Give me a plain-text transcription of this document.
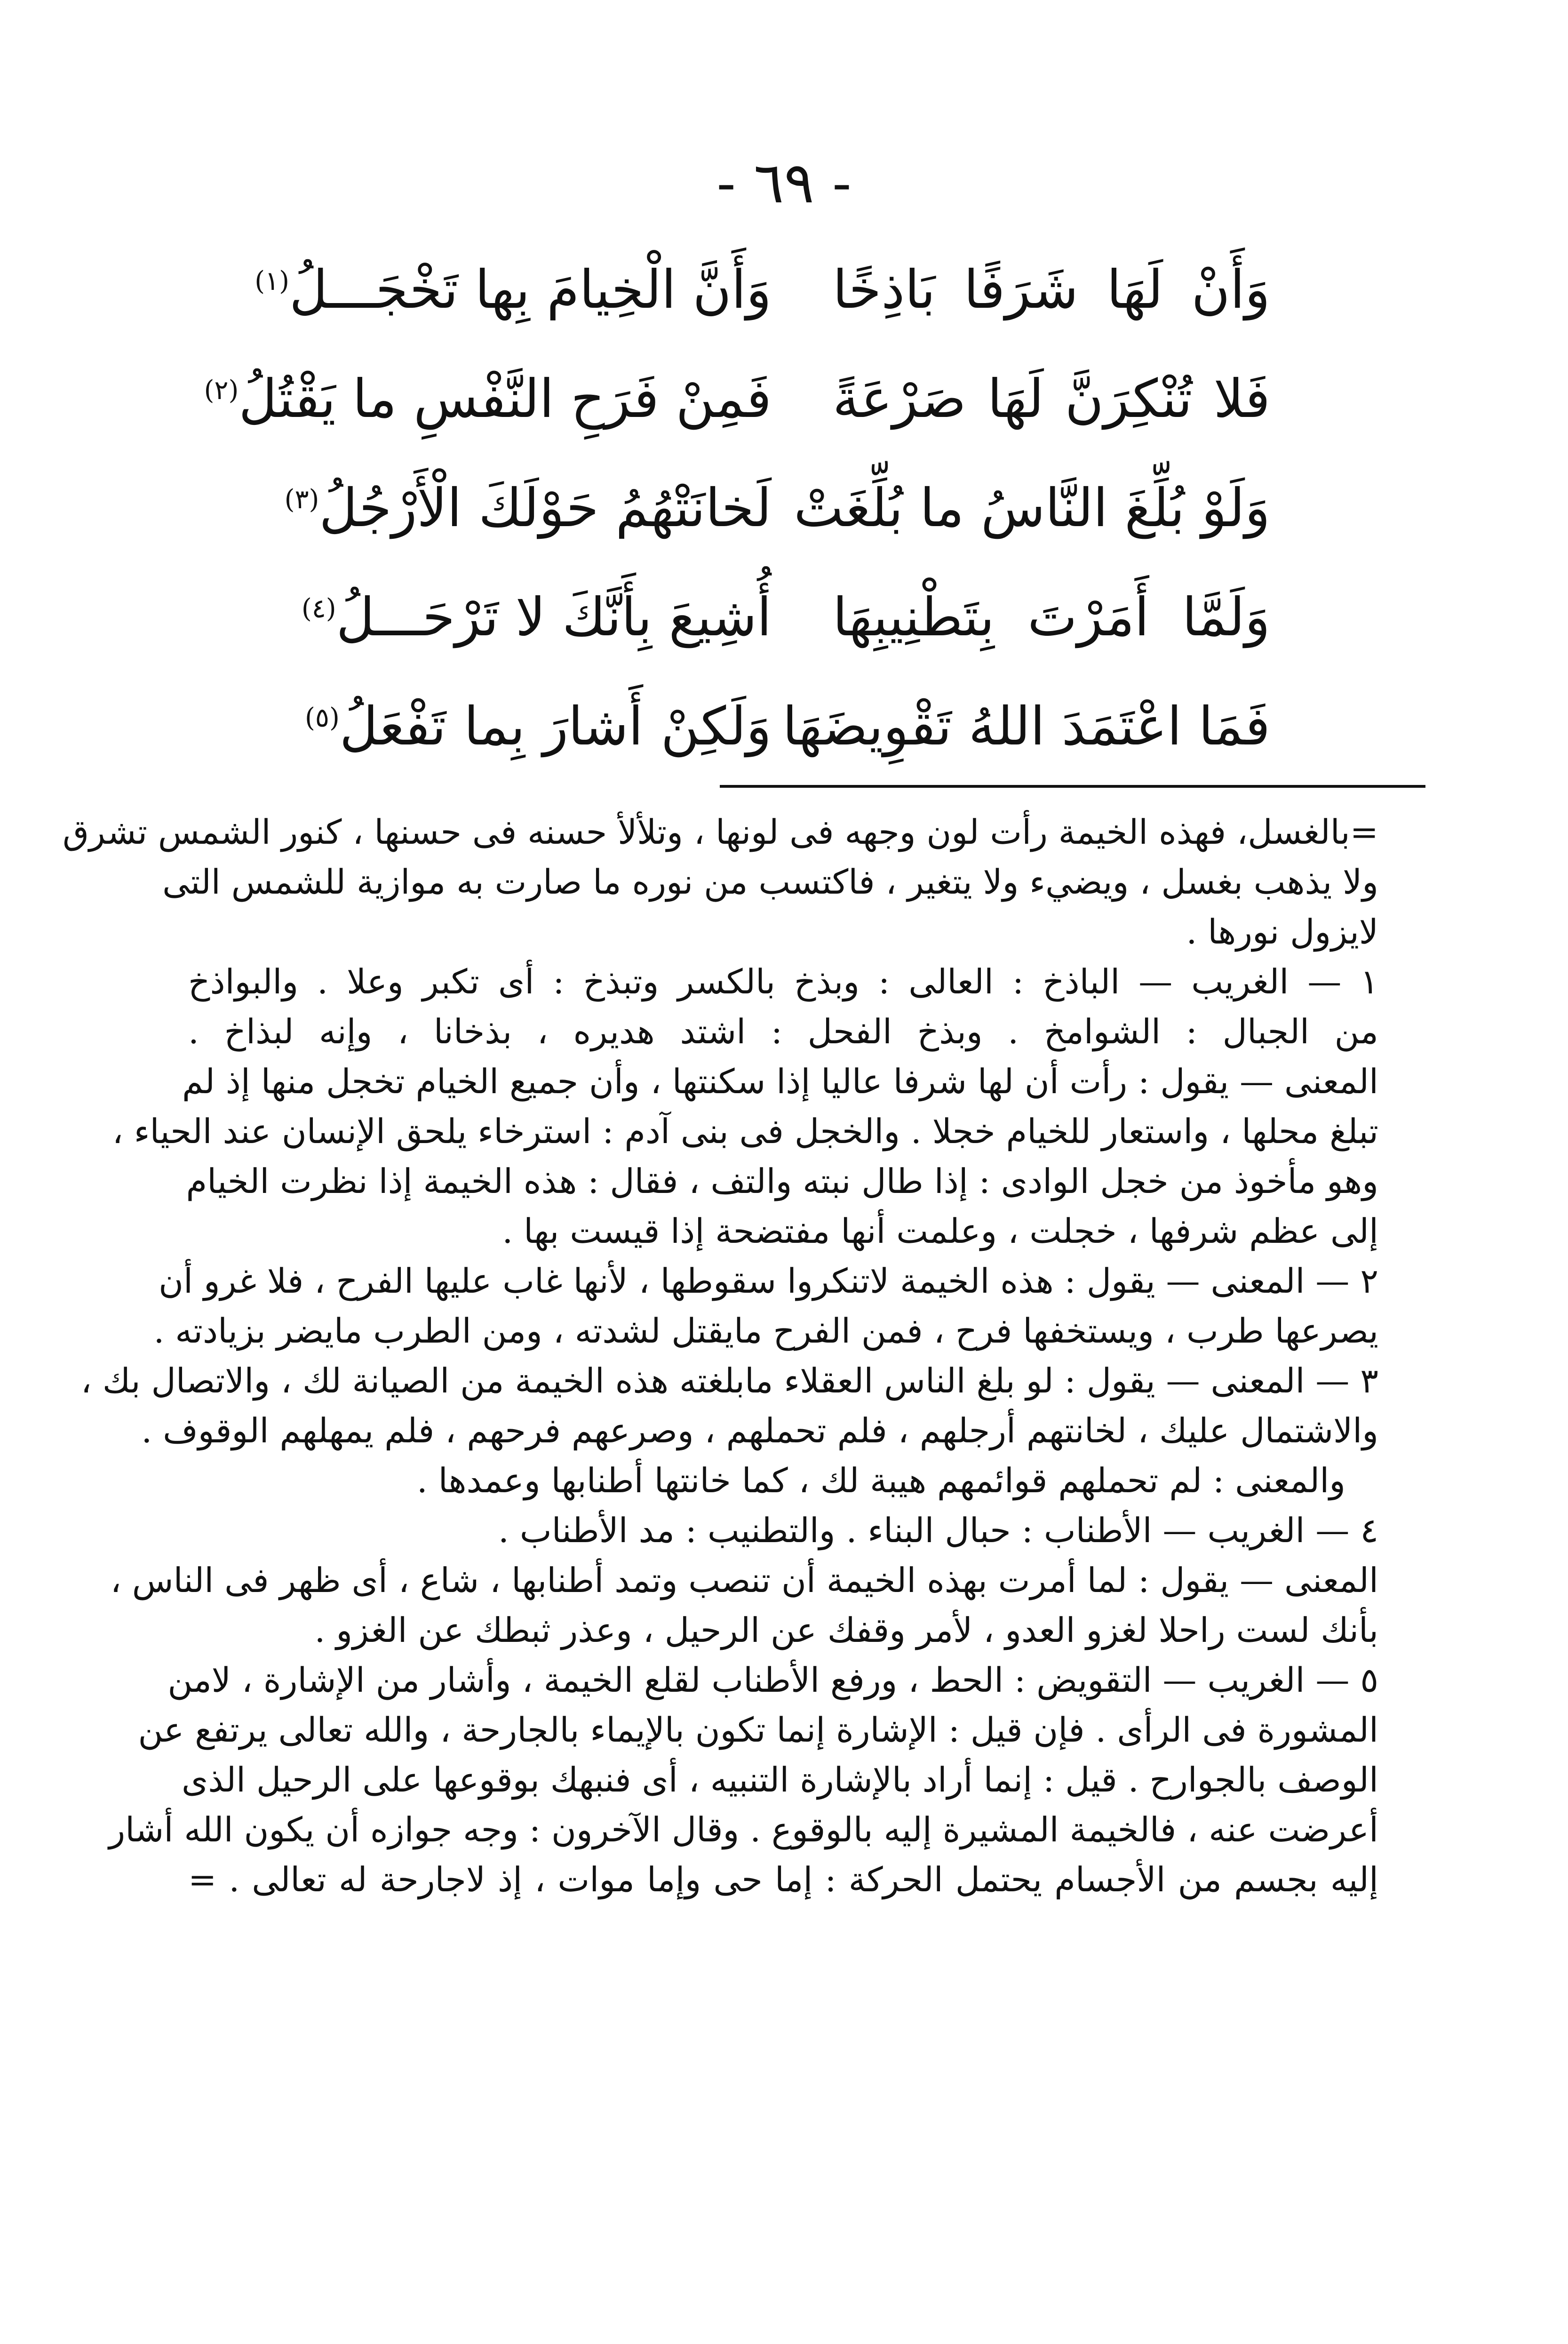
- ٦٩ -
وَأَنْ لَهَا شَرَفًا بَاذِخًا
وَأَنَّ الْخِيامَ بِها تَخْجَـــلُ$^{(١)}$
فَلا تُنْكِرَنَّ لَهَا صَرْعَةً
فَمِنْ فَرَحِ النَّفْسِ ما يَقْتُلُ$^{(٢)}$
وَلَوْ بُلِّغَ النَّاسُ ما بُلِّغَتْ
لَخانَتْهُمُ حَوْلَكَ الْأَرْجُلُ$^{(٣)}$
وَلَمَّا أَمَرْتَ بِتَطْنِيبِهَا
أُشِيعَ بِأَنَّكَ لا تَرْحَـــلُ$^{(٤)}$
فَمَا اعْتَمَدَ اللهُ تَقْوِيضَهَا
وَلَكِنْ أَشارَ بِما تَفْعَلُ$^{(٥)}$
=بالغسل، فهذه الخيمة رأت لون وجهه فى لونها ، وتلألأ حسنه فى حسنها ، كنور الشمس تشرق
ولا يذهب بغسل ، ويضيء ولا يتغير ، فاكتسب من نوره ما صارت به موازية للشمس التى
لايزول نورها .
١ — الغريب — الباذخ : العالى : وبذخ بالكسر وتبذخ : أى تكبر وعلا . والبواذخ
من الجبال : الشوامخ . وبذخ الفحل : اشتد هديره ، بذخانا ، وإنه لبذاخ .
المعنى — يقول : رأت أن لها شرفا عاليا إذا سكنتها ، وأن جميع الخيام تخجل منها إذ لم
تبلغ محلها ، واستعار للخيام خجلا . والخجل فى بنى آدم : استرخاء يلحق الإنسان عند الحياء ،
وهو مأخوذ من خجل الوادى : إذا طال نبته والتف ، فقال : هذه الخيمة إذا نظرت الخيام
إلى عظم شرفها ، خجلت ، وعلمت أنها مفتضحة إذا قيست بها .
٢ — المعنى — يقول : هذه الخيمة لاتنكروا سقوطها ، لأنها غاب عليها الفرح ، فلا غرو أن
يصرعها طرب ، ويستخفها فرح ، فمن الفرح مايقتل لشدته ، ومن الطرب مايضر بزيادته .
٣ — المعنى — يقول : لو بلغ الناس العقلاء مابلغته هذه الخيمة من الصيانة لك ، والاتصال بك ،
والاشتمال عليك ، لخانتهم أرجلهم ، فلم تحملهم ، وصرعهم فرحهم ، فلم يمهلهم الوقوف .
والمعنى : لم تحملهم قوائمهم هيبة لك ، كما خانتها أطنابها وعمدها .
٤ — الغريب — الأطناب : حبال البناء . والتطنيب : مد الأطناب .
المعنى — يقول : لما أمرت بهذه الخيمة أن تنصب وتمد أطنابها ، شاع ، أى ظهر فى الناس ،
بأنك لست راحلا لغزو العدو ، لأمر وقفك عن الرحيل ، وعذر ثبطك عن الغزو .
٥ — الغريب — التقويض : الحط ، ورفع الأطناب لقلع الخيمة ، وأشار من الإشارة ، لامن
المشورة فى الرأى . فإن قيل : الإشارة إنما تكون بالإيماء بالجارحة ، والله تعالى يرتفع عن
الوصف بالجوارح . قيل : إنما أراد بالإشارة التنبيه ، أى فنبهك بوقوعها على الرحيل الذى
أعرضت عنه ، فالخيمة المشيرة إليه بالوقوع . وقال الآخرون : وجه جوازه أن يكون الله أشار
إليه بجسم من الأجسام يحتمل الحركة : إما حى وإما موات ، إذ لاجارحة له تعالى . =
